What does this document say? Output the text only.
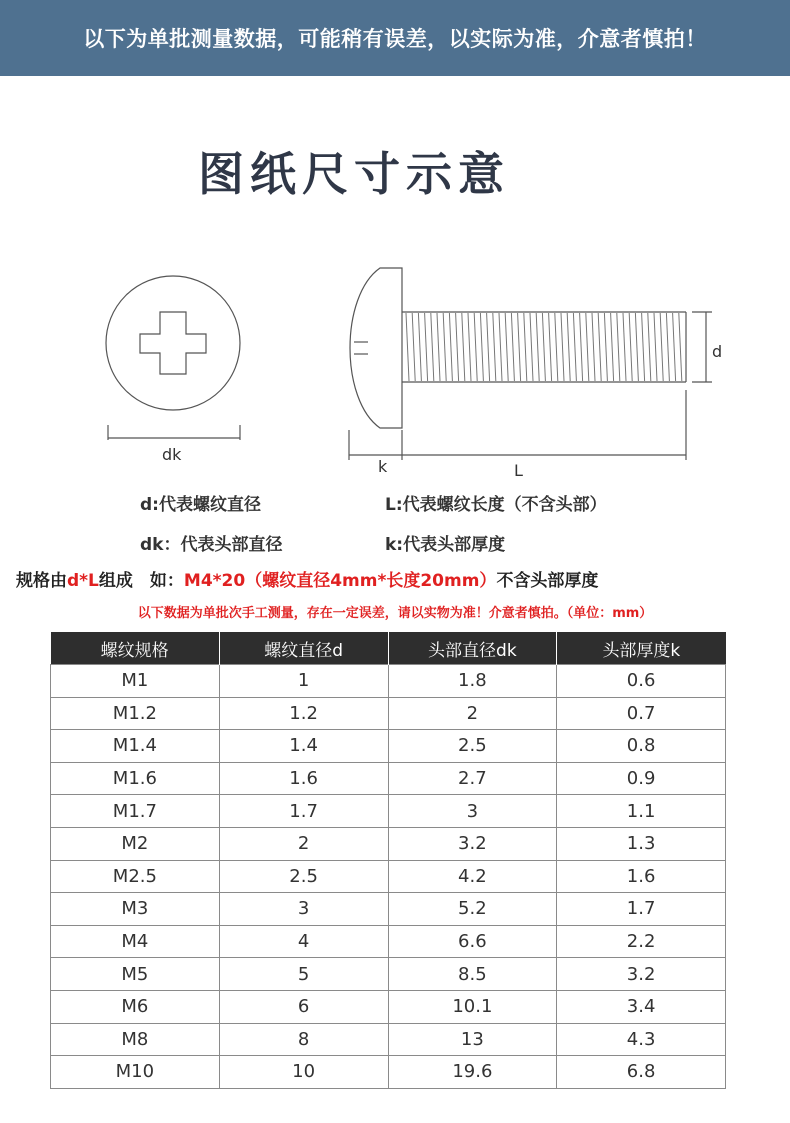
以下为单批测量数据，可能稍有误差，以实际为准，介意者慎拍！
图纸尺寸示意
dk
k	L
d
d:代表螺纹直径	L:代表螺纹长度（不含头部）
dk：代表头部直径	k:代表头部厚度
规格由d*L组成　如：M4*20（螺纹直径4mm*长度20mm）不含头部厚度
以下数据为单批次手工测量，存在一定误差，请以实物为准！介意者慎拍。（单位：mm）
螺纹规格	螺纹直径d	头部直径dk	头部厚度k
M1	1	1.8	0.6
M1.2	1.2	2	0.7
M1.4	1.4	2.5	0.8
M1.6	1.6	2.7	0.9
M1.7	1.7	3	1.1
M2	2	3.2	1.3
M2.5	2.5	4.2	1.6
M3	3	5.2	1.7
M4	4	6.6	2.2
M5	5	8.5	3.2
M6	6	10.1	3.4
M8	8	13	4.3
M10	10	19.6	6.8
